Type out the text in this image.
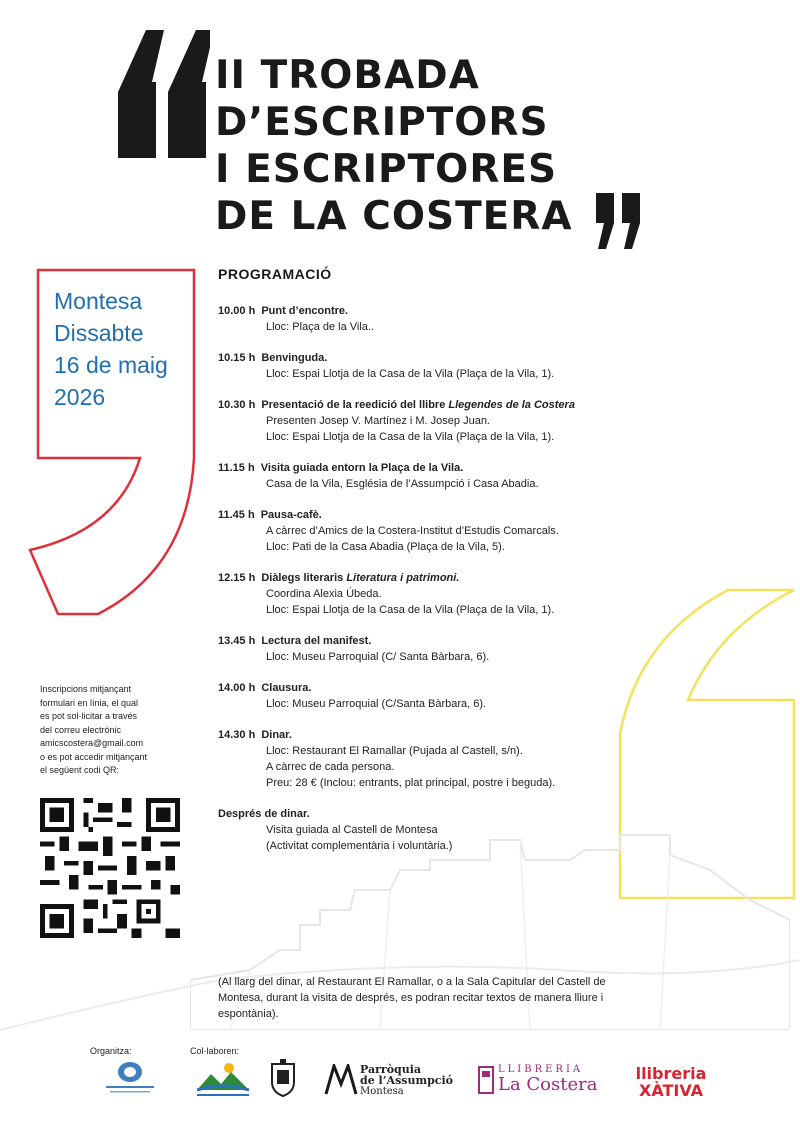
II TROBADA
D’ESCRIPTORS
I ESCRIPTORES
DE LA COSTERA
Montesa
Dissabte
16 de maig
2026
PROGRAMACIÓ
10.00 h Punt d’encontre.
Lloc: Plaça de la Vila..
10.15 h Benvinguda.
Lloc: Espai Llotja de la Casa de la Vila (Plaça de la Vila, 1).
10.30 h Presentació de la reedició del llibre Llegendes de la Costera
Presenten Josep V. Martínez i M. Josep Juan.
Lloc: Espai Llotja de la Casa de la Vila (Plaça de la Vila, 1).
11.15 h Visita guiada entorn la Plaça de la Vila.
Casa de la Vila, Església de l’Assumpció i Casa Abadia.
11.45 h Pausa-cafè.
A càrrec d’Amics de la Costera-Institut d’Estudis Comarcals.
Lloc: Pati de la Casa Abadia (Plaça de la Vila, 5).
12.15 h Diàlegs literaris Literatura i patrimoni.
Coordina Alexia Úbeda.
Lloc: Espai Llotja de la Casa de la Vila (Plaça de la Vila, 1).
13.45 h Lectura del manifest.
Lloc: Museu Parroquial (C/ Santa Bàrbara, 6).
14.00 h Clausura.
Lloc: Museu Parroquial (C/Santa Bàrbara, 6).
14.30 h Dinar.
Lloc: Restaurant El Ramallar (Pujada al Castell, s/n).
A càrrec de cada persona.
Preu: 28 € (Inclou: entrants, plat principal, postre i beguda).
Després de dinar.
Visita guiada al Castell de Montesa
(Activitat complementària i voluntària.)
(Al llarg del dinar, al Restaurant El Ramallar, o a la Sala Capitular del Castell de Montesa, durant la visita de després, es podran recitar textos de manera lliure i espontània).
Inscripcions mitjançant
formulari en línia, el qual
es pot sol·licitar a través
del correu electrònic
amicscostera@gmail.com
o es pot accedir mitjançant
el següent codi QR:
Organitza:	Col·laboren:
Parròquia
de l’Assumpció
Montesa
LLIBRERIA
La Costera
llibreria
XÀTIVA
